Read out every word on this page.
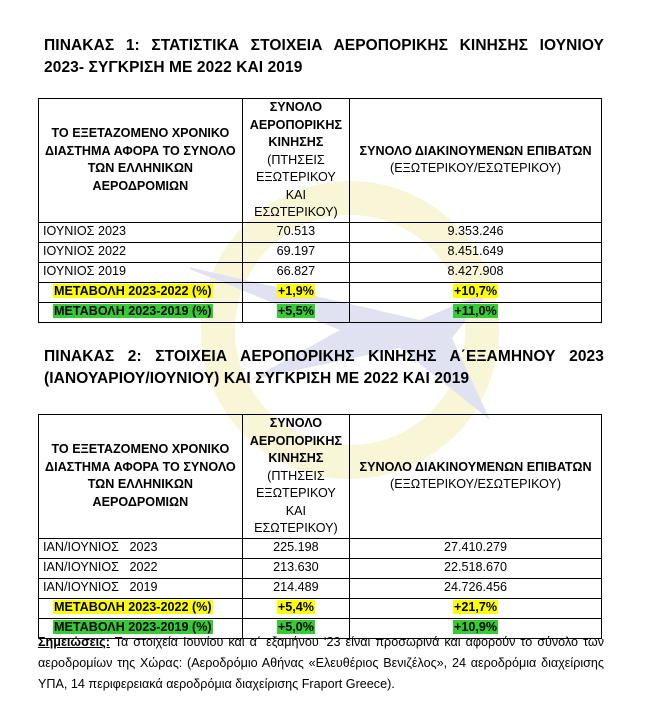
ΠΙΝΑΚΑΣ 1: ΣΤΑΤΙΣΤΙΚΑ ΣΤΟΙΧΕΙΑ ΑΕΡΟΠΟΡΙΚΗΣ ΚΙΝΗΣΗΣ ΙΟΥΝΙΟΥ 2023- ΣΥΓΚΡΙΣΗ ΜΕ 2022 ΚΑΙ 2019
ΤΟ ΕΞΕΤΑΖΟΜΕΝΟ ΧΡΟΝΙΚΟ ΔΙΑΣΤΗΜΑ ΑΦΟΡΑ ΤΟ ΣΥΝΟΛΟ ΤΩΝ ΕΛΛΗΝΙΚΩΝ ΑΕΡΟΔΡΟΜΙΩΝ	ΣΥΝΟΛΟ ΑΕΡΟΠΟΡΙΚΗΣ ΚΙΝΗΣΗΣ
(ΠΤΗΣΕΙΣ ΕΞΩΤΕΡΙΚΟΥ ΚΑΙ ΕΣΩΤΕΡΙΚΟΥ)	ΣΥΝΟΛΟ ΔΙΑΚΙΝΟΥΜΕΝΩΝ ΕΠΙΒΑΤΩΝ
(ΕΞΩΤΕΡΙΚΟΥ/ΕΣΩΤΕΡΙΚΟΥ)

ΙΟΥΝΙΟΣ 2023	70.513	9.353.246
ΙΟΥΝΙΟΣ 2022	69.197	8.451.649
ΙΟΥΝΙΟΣ 2019	66.827	8.427.908
ΜΕΤΑΒΟΛΗ 2023-2022 (%)	+1,9%	+10,7%
ΜΕΤΑΒΟΛΗ 2023-2019 (%)	+5,5%	+11,0%
ΠΙΝΑΚΑΣ 2: ΣΤΟΙΧΕΙΑ ΑΕΡΟΠΟΡΙΚΗΣ ΚΙΝΗΣΗΣ Α΄ΕΞΑΜΗΝΟΥ 2023 (ΙΑΝΟΥΑΡΙΟΥ/ΙΟΥΝΙΟΥ) ΚΑΙ ΣΥΓΚΡΙΣΗ ΜΕ 2022 ΚΑΙ 2019
ΤΟ ΕΞΕΤΑΖΟΜΕΝΟ ΧΡΟΝΙΚΟ ΔΙΑΣΤΗΜΑ ΑΦΟΡΑ ΤΟ ΣΥΝΟΛΟ ΤΩΝ ΕΛΛΗΝΙΚΩΝ ΑΕΡΟΔΡΟΜΙΩΝ	ΣΥΝΟΛΟ ΑΕΡΟΠΟΡΙΚΗΣ ΚΙΝΗΣΗΣ
(ΠΤΗΣΕΙΣ ΕΞΩΤΕΡΙΚΟΥ ΚΑΙ ΕΣΩΤΕΡΙΚΟΥ)	ΣΥΝΟΛΟ ΔΙΑΚΙΝΟΥΜΕΝΩΝ ΕΠΙΒΑΤΩΝ
(ΕΞΩΤΕΡΙΚΟΥ/ΕΣΩΤΕΡΙΚΟΥ)

ΙΑΝ/ΙΟΥΝΙΟΣ   2023	225.198	27.410.279
ΙΑΝ/ΙΟΥΝΙΟΣ   2022	213.630	22.518.670
ΙΑΝ/ΙΟΥΝΙΟΣ   2019	214.489	24.726.456
ΜΕΤΑΒΟΛΗ 2023-2022 (%)	+5,4%	+21,7%
ΜΕΤΑΒΟΛΗ 2023-2019 (%)	+5,0%	+10,9%
Σημειώσεις: Τα στοιχεία Ιουνίου και α΄ εξαμήνου ‘23 είναι προσωρινά και αφορούν το σύνολο των αεροδρομίων της Χώρας: (Αεροδρόμιο Αθήνας «Ελευθέριος Βενιζέλος», 24 αεροδρόμια διαχείρισης ΥΠΑ, 14 περιφερειακά αεροδρόμια διαχείρισης Fraport Greece).
